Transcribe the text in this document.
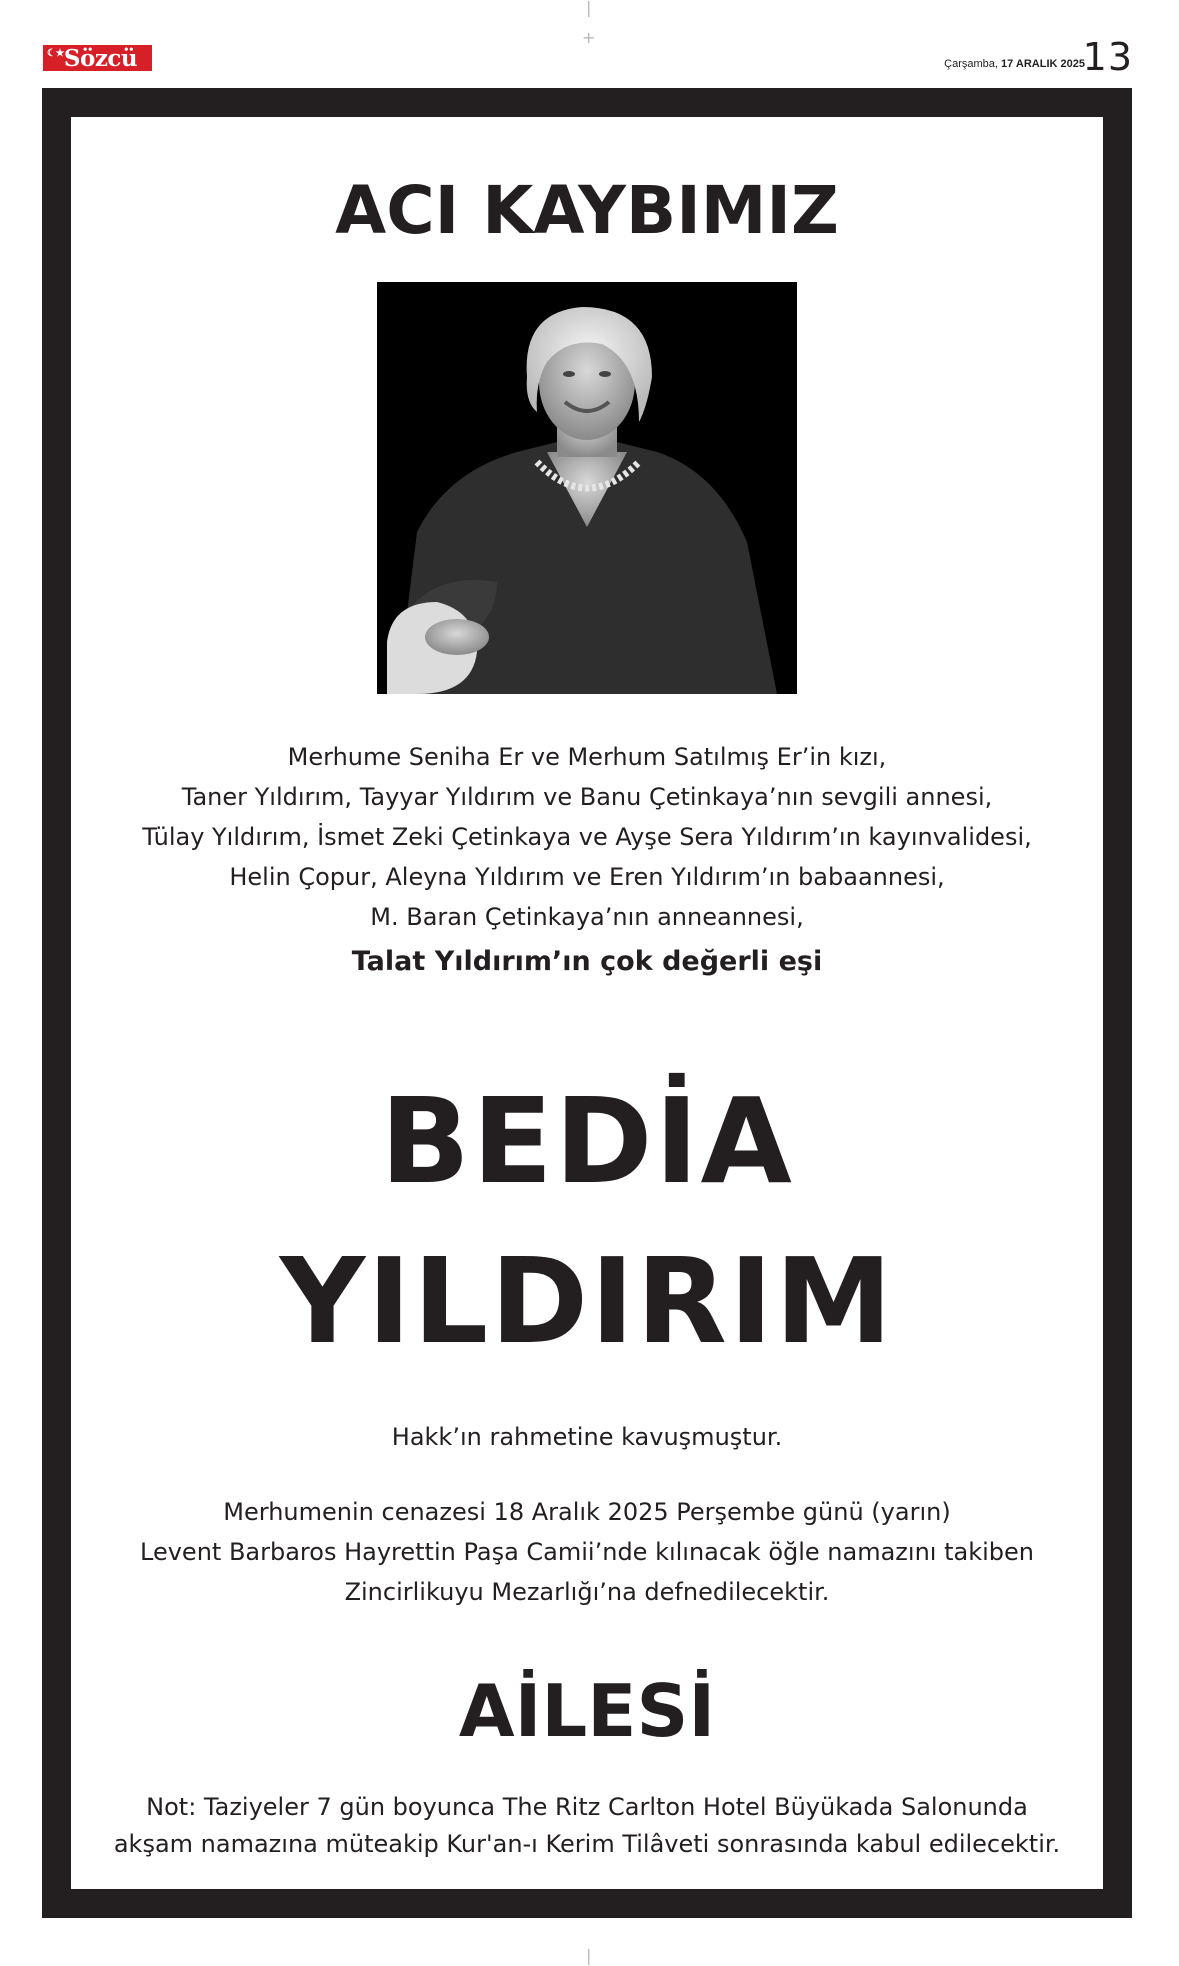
☾★ Sözcü	Çarşamba, 17 ARALIK 2025
13
|
+
|
ACI KAYBIMIZ
Merhume Seniha Er ve Merhum Satılmış Er’in kızı,
Taner Yıldırım, Tayyar Yıldırım ve Banu Çetinkaya’nın sevgili annesi,
Tülay Yıldırım, İsmet Zeki Çetinkaya ve Ayşe Sera Yıldırım’ın kayınvalidesi,
Helin Çopur, Aleyna Yıldırım ve Eren Yıldırım’ın babaannesi,
M. Baran Çetinkaya’nın anneannesi,
Talat Yıldırım’ın çok değerli eşi
BEDİA
YILDIRIM
Hakk’ın rahmetine kavuşmuştur.
Merhumenin cenazesi 18 Aralık 2025 Perşembe günü (yarın)
Levent Barbaros Hayrettin Paşa Camii’nde kılınacak öğle namazını takiben
Zincirlikuyu Mezarlığı’na defnedilecektir.
AİLESİ
Not: Taziyeler 7 gün boyunca The Ritz Carlton Hotel Büyükada Salonunda
akşam namazına müteakip Kur'an-ı Kerim Tilâveti sonrasında kabul edilecektir.
